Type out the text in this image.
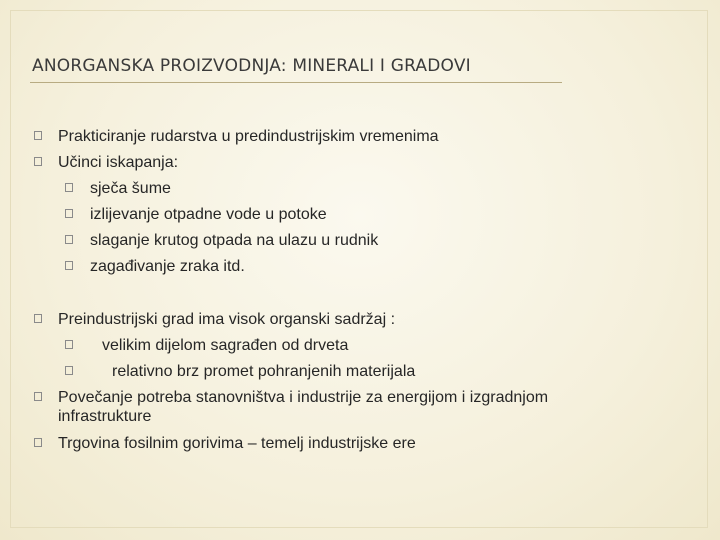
ANORGANSKA PROIZVODNJA: MINERALI I GRADOVI
Prakticiranje rudarstva u predindustrijskim vremenima
Učinci iskapanja:
sječa šume
izlijevanje otpadne vode u potoke
slaganje krutog otpada na ulazu u rudnik
zagađivanje zraka itd.
Preindustrijski grad ima visok organski sadržaj :
velikim dijelom sagrađen od drveta
relativno brz promet pohranjenih materijala
Povečanje potreba stanovništva i industrije za energijom i izgradnjom
infrastrukture
Trgovina fosilnim gorivima – temelj industrijske ere
